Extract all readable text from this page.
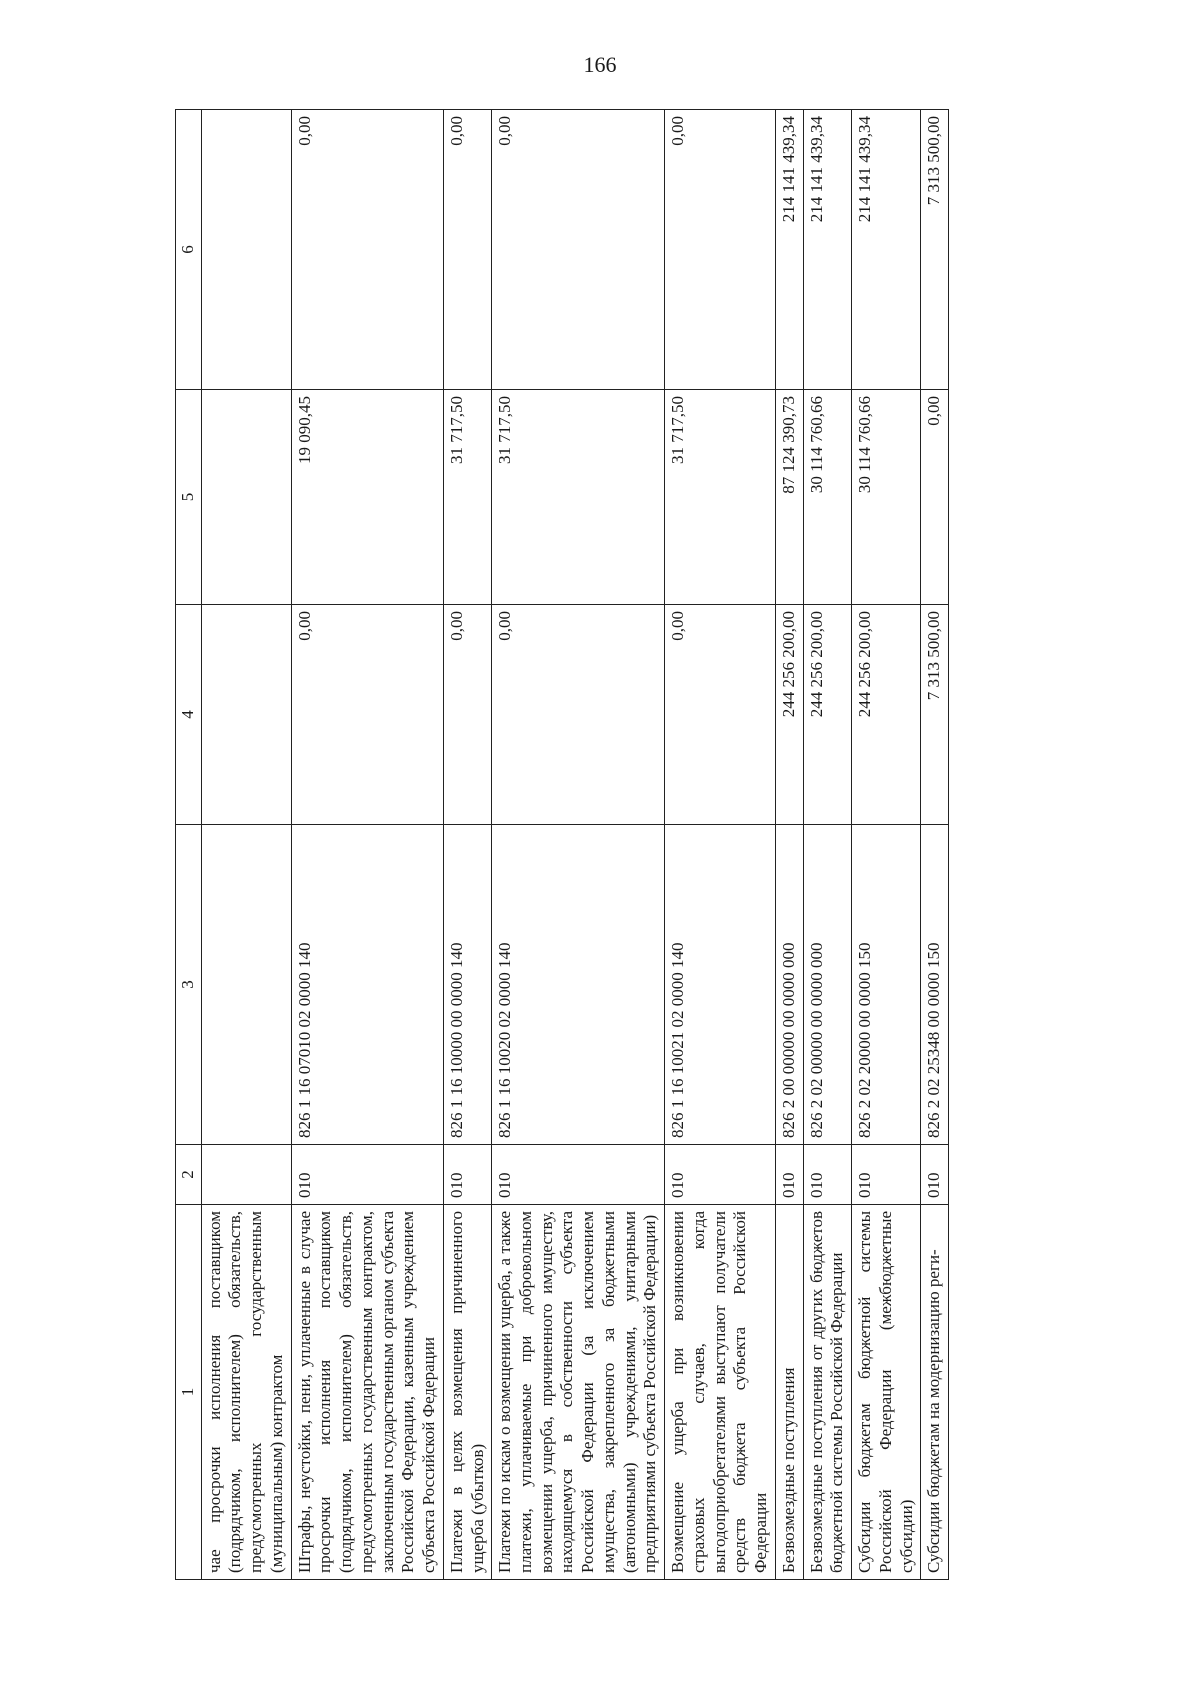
166
1	2	3	4	5	6
чае просрочки исполнения поставщиком (подрядчиком, исполнителем) обязательств, предусмотренных государственным (муниципальным) контрактом					
Штрафы, неустойки, пени, уплаченные в случае просрочки исполнения поставщиком (подрядчиком, исполнителем) обязательств, предусмотренных государственным контрактом, заключенным государственным органом субъекта Российской Федерации, казенным учреждением субъекта Российской Федерации	010	826 1 16 07010 02 0000 140	0,00	19 090,45	0,00
Платежи в целях возмещения причиненного ущерба (убытков)	010	826 1 16 10000 00 0000 140	0,00	31 717,50	0,00
Платежи по искам о возмещении ущерба, а также платежи, уплачиваемые при добровольном возмещении ущерба, причиненного имуществу, находящемуся в собственности субъекта Российской Федерации (за исключением имущества, закрепленного за бюджетными (автономными) учреждениями, унитарными предприятиями субъекта Российской Федерации)	010	826 1 16 10020 02 0000 140	0,00	31 717,50	0,00
Возмещение ущерба при возникновении страховых случаев, когда выгодоприобретателями выступают получатели средств бюджета субъекта Российской Федерации	010	826 1 16 10021 02 0000 140	0,00	31 717,50	0,00
Безвозмездные поступления	010	826 2 00 00000 00 0000 000	244 256 200,00	87 124 390,73	214 141 439,34
Безвозмездные поступления от других бюджетов бюджетной системы Российской Федерации	010	826 2 02 00000 00 0000 000	244 256 200,00	30 114 760,66	214 141 439,34
Субсидии бюджетам бюджетной системы Российской Федерации (межбюджетные субсидии)	010	826 2 02 20000 00 0000 150	244 256 200,00	30 114 760,66	214 141 439,34
Субсидии бюджетам на модернизацию реги-	010	826 2 02 25348 00 0000 150	7 313 500,00	0,00	7 313 500,00
